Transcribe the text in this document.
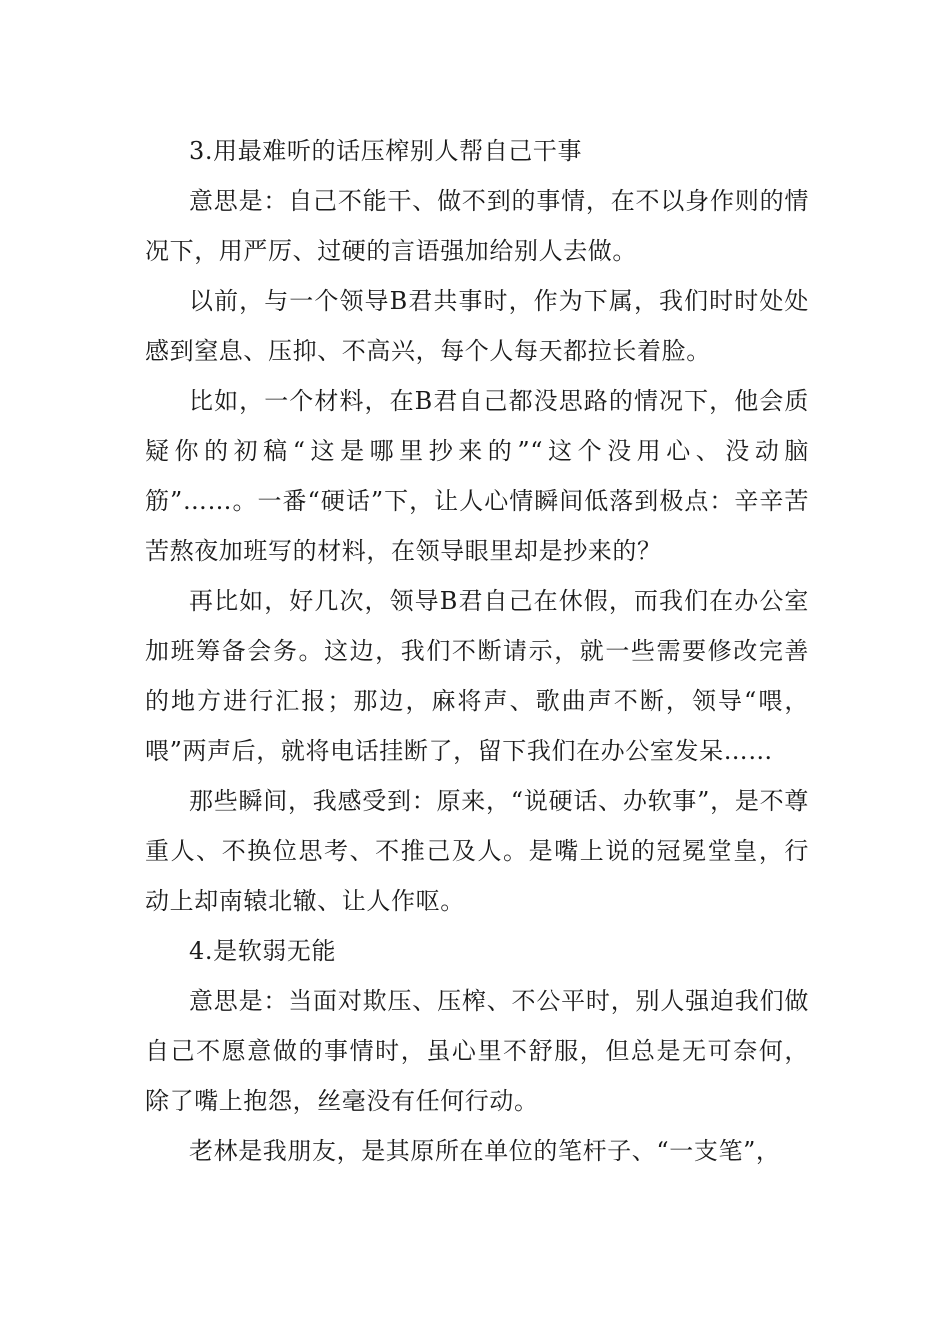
3.用最难听的话压榨别人帮自己干事

意思是：自己不能干、做不到的事情，在不以身作则的情况下，用严厉、过硬的言语强加给别人去做。

以前，与一个领导B君共事时，作为下属，我们时时处处感到窒息、压抑、不高兴，每个人每天都拉长着脸。

比如，一个材料，在B君自己都没思路的情况下，他会质疑你的初稿“这是哪里抄来的”“这个没用心、没动脑筋”……。一番“硬话”下，让人心情瞬间低落到极点：辛辛苦苦熬夜加班写的材料，在领导眼里却是抄来的？

再比如，好几次，领导B君自己在休假，而我们在办公室加班筹备会务。这边，我们不断请示，就一些需要修改完善的地方进行汇报；那边，麻将声、歌曲声不断，领导“喂，喂”两声后，就将电话挂断了，留下我们在办公室发呆……

那些瞬间，我感受到：原来，“说硬话、办软事”，是不尊重人、不换位思考、不推己及人。是嘴上说的冠冕堂皇，行动上却南辕北辙、让人作呕。

4.是软弱无能

意思是：当面对欺压、压榨、不公平时，别人强迫我们做自己不愿意做的事情时，虽心里不舒服，但总是无可奈何，除了嘴上抱怨，丝毫没有任何行动。

老林是我朋友，是其原所在单位的笔杆子、“一支笔”，
